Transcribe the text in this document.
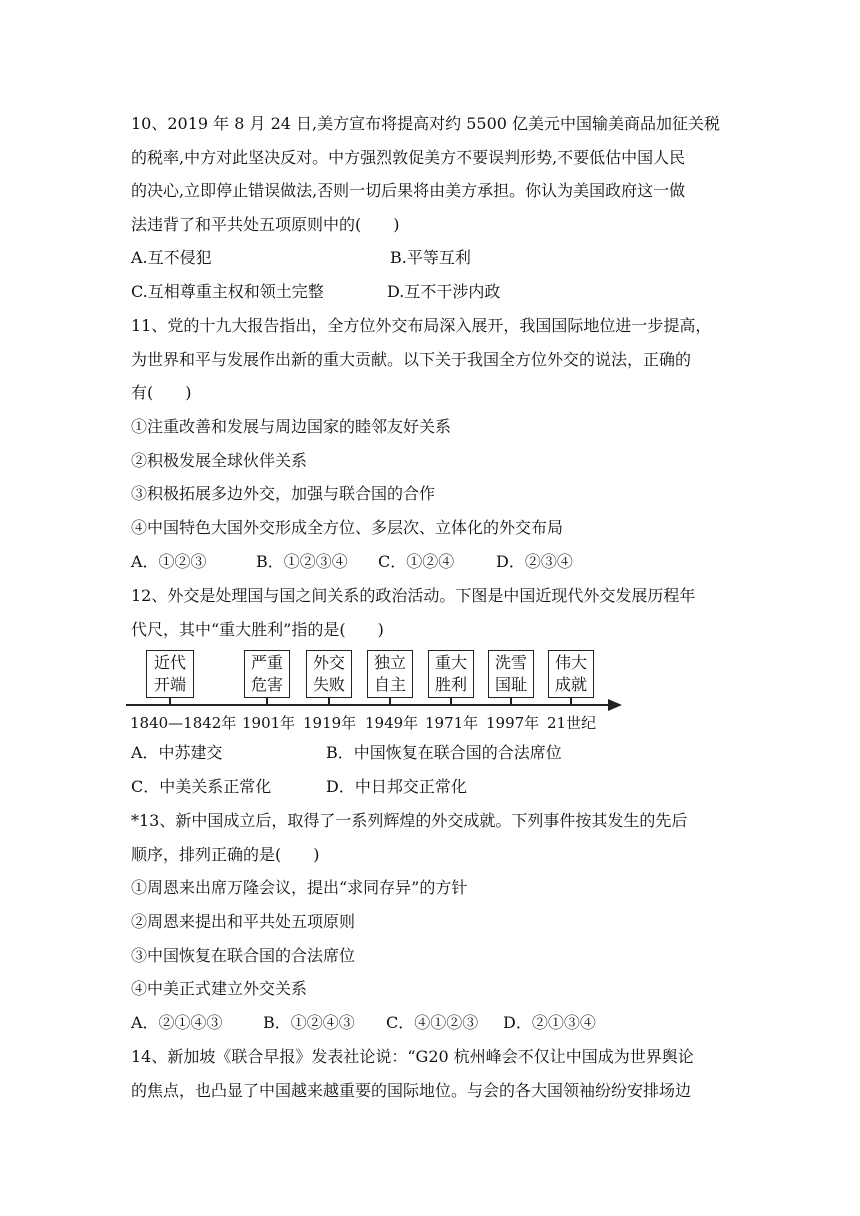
10、2019 年 8 月 24 日,美方宣布将提高对约 5500 亿美元中国输美商品加征关税
的税率,中方对此坚决反对。中方强烈敦促美方不要误判形势,不要低估中国人民
的决心,立即停止错误做法,否则一切后果将由美方承担。你认为美国政府这一做
法违背了和平共处五项原则中的(　　)
A.互不侵犯	B.平等互利
C.互相尊重主权和领土完整	D.互不干涉内政
11、党的十九大报告指出，全方位外交布局深入展开，我国国际地位进一步提高，
为世界和平与发展作出新的重大贡献。以下关于我国全方位外交的说法，正确的
有(　　)
①注重改善和发展与周边国家的睦邻友好关系
②积极发展全球伙伴关系
③积极拓展多边外交，加强与联合国的合作
④中国特色大国外交形成全方位、多层次、立体化的外交布局
A．①②③	B．①②③④ C．①②④	D．②③④
12、外交是处理国与国之间关系的政治活动。下图是中国近现代外交发展历程年
代尺，其中“重大胜利”指的是(　　)
近代
开端
严重
危害
外交
失败
独立
自主
重大
胜利
洗雪
国耻
伟大
成就
1840—1842年 1901年 1919年 1949年 1971年 1997年 21世纪
A．中苏建交	B．中国恢复在联合国的合法席位
C．中美关系正常化	D．中日邦交正常化
*13、新中国成立后，取得了一系列辉煌的外交成就。下列事件按其发生的先后
顺序，排列正确的是(　　)
①周恩来出席万隆会议，提出“求同存异”的方针
②周恩来提出和平共处五项原则
③中国恢复在联合国的合法席位
④中美正式建立外交关系
A．②①④③	B．①②④③ C．④①②③ D．②①③④
14、新加坡《联合早报》发表社论说：“G20 杭州峰会不仅让中国成为世界舆论
的焦点，也凸显了中国越来越重要的国际地位。与会的各大国领袖纷纷安排场边
